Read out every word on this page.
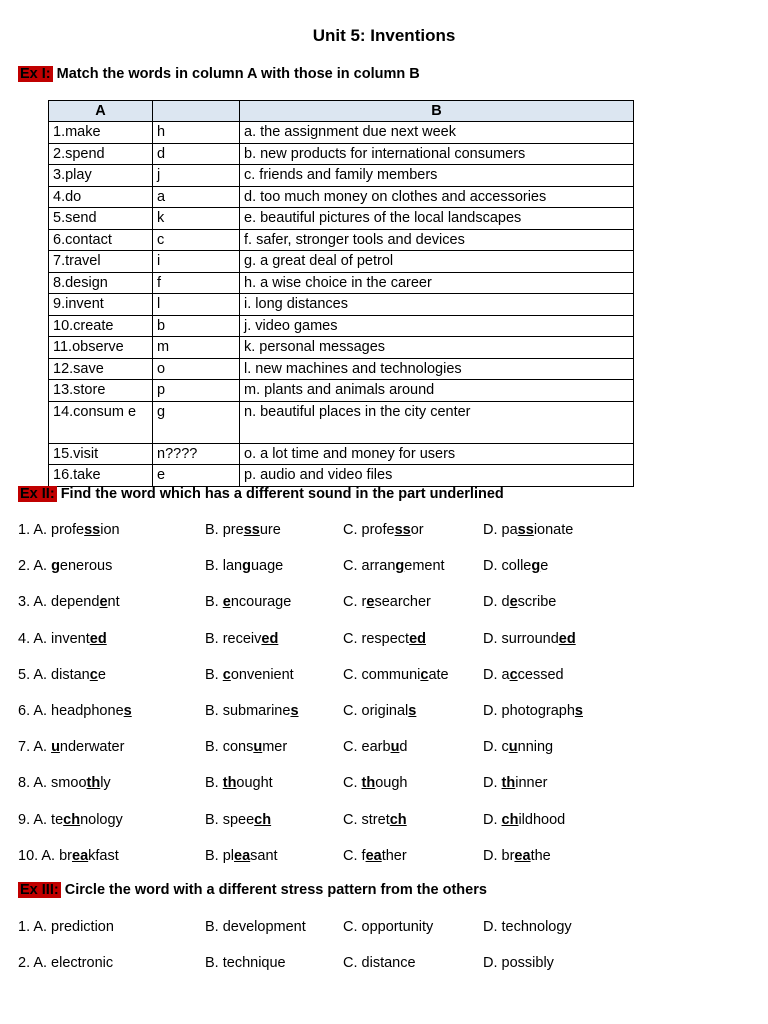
Unit 5: Inventions
Ex I: Match the words in column A with those in column B
A		B
1.make	h	a. the assignment due next week
2.spend	d	b. new products for international consumers
3.play	j	c. friends and family members
4.do	a	d. too much money on clothes and accessories
5.send	k	e. beautiful pictures of the local landscapes
6.contact	c	f. safer, stronger tools and devices
7.travel	i	g. a great deal of petrol
8.design	f	h. a wise choice in the career
9.invent	l	i. long distances
10.create	b	j. video games
11.observe	m	k. personal messages
12.save	o	l. new machines and technologies
13.store	p	m. plants and animals around
14.consum e	g	n. beautiful places in the city center
15.visit	n????	o. a lot time and money for users
16.take	e	p. audio and video files
Ex II: Find the word which has a different sound in the part underlined
1. A. profession	B. pressure	C. professor	D. passionate
2. A. generous	B. language	C. arrangement	D. college
3. A. dependent	B. encourage	C. researcher	D. describe
4. A. invented	B. received	C. respected	D. surrounded
5. A. distance	B. convenient	C. communicate D. accessed
6. A. headphones	B. submarines	C. originals	D. photographs
7. A. underwater	B. consumer	C. earbud	D. cunning
8. A. smoothly	B. thought	C. though	D. thinner
9. A. technology	B. speech	C. stretch	D. childhood
10. A. breakfast	B. pleasant	C. feather	D. breathe
Ex III: Circle the word with a different stress pattern from the others
1. A. prediction	B. development	C. opportunity	D. technology
2. A. electronic	B. technique	C. distance	D. possibly
